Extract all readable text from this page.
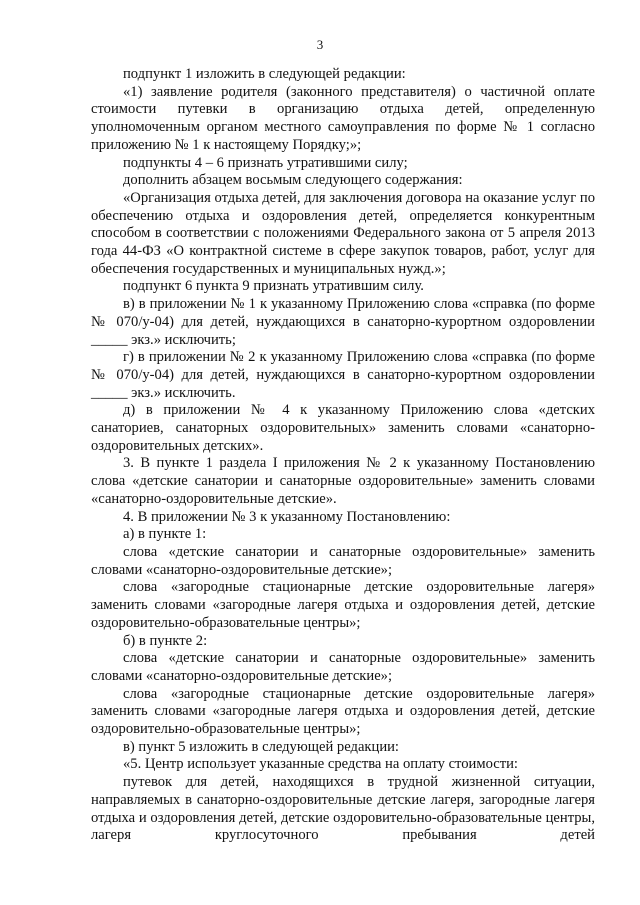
3

подпункт 1 изложить в следующей редакции:

«1) заявление родителя (законного представителя) о частичной оплате стоимости путевки в организацию отдыха детей, определенную уполномоченным органом местного самоуправления по форме № 1 согласно приложению № 1 к настоящему Порядку;»;

подпункты 4 – 6 признать утратившими силу;

дополнить абзацем восьмым следующего содержания:

«Организация отдыха детей, для заключения договора на оказание услуг по обеспечению отдыха и оздоровления детей, определяется конкурентным способом в соответствии с положениями Федерального закона от 5 апреля 2013 года 44-ФЗ «О контрактной системе в сфере закупок товаров, работ, услуг для обеспечения государственных и муниципальных нужд.»;

подпункт 6 пункта 9 признать утратившим силу.

в) в приложении № 1 к указанному Приложению слова «справка (по форме № 070/у-04) для детей, нуждающихся в санаторно-курортном оздоровлении _____ экз.» исключить;

г) в приложении № 2 к указанному Приложению слова «справка (по форме № 070/у-04) для детей, нуждающихся в санаторно-курортном оздоровлении _____ экз.» исключить.

д) в приложении № 4 к указанному Приложению слова «детских санаториев, санаторных оздоровительных» заменить словами «санаторно-оздоровительных детских».

3. В пункте 1 раздела I приложения № 2 к указанному Постановлению слова «детские санатории и санаторные оздоровительные» заменить словами «санаторно-оздоровительные детские».

4. В приложении № 3 к указанному Постановлению:

а) в пункте 1:

слова «детские санатории и санаторные оздоровительные» заменить словами «санаторно-оздоровительные детские»;

слова «загородные стационарные детские оздоровительные лагеря» заменить словами «загородные лагеря отдыха и оздоровления детей, детские оздоровительно-образовательные центры»;

б) в пункте 2:

слова «детские санатории и санаторные оздоровительные» заменить словами «санаторно-оздоровительные детские»;

слова «загородные стационарные детские оздоровительные лагеря» заменить словами «загородные лагеря отдыха и оздоровления детей, детские оздоровительно-образовательные центры»;

в) пункт 5 изложить в следующей редакции:

«5. Центр использует указанные средства на оплату стоимости:

путевок для детей, находящихся в трудной жизненной ситуации, направляемых в санаторно-оздоровительные детские лагеря, загородные лагеря отдыха и оздоровления детей, детские оздоровительно-образовательные центры, лагеря круглосуточного пребывания детей
